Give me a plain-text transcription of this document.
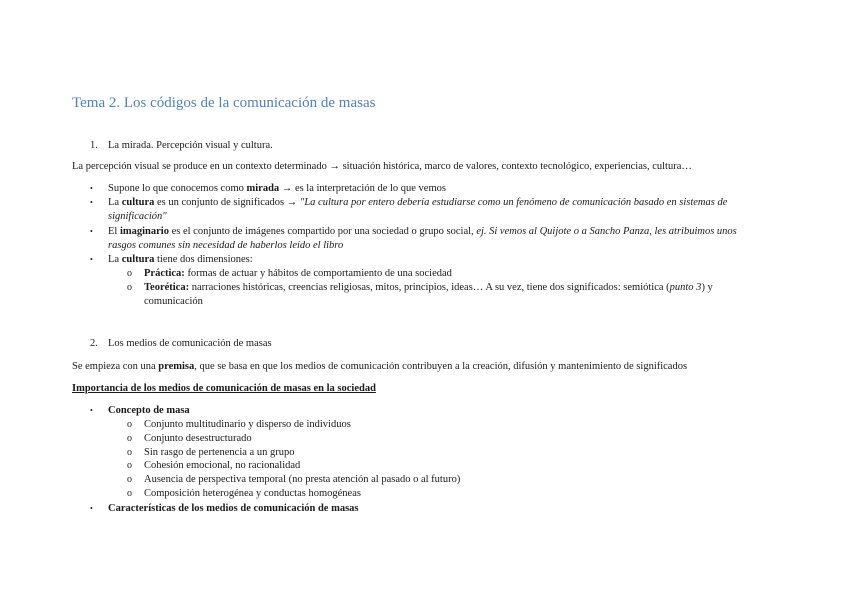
Tema 2. Los códigos de la comunicación de masas
1. La mirada. Percepción visual y cultura.
La percepción visual se produce en un contexto determinado → situación histórica, marco de valores, contexto tecnológico, experiencias, cultura…
• Supone lo que conocemos como mirada → es la interpretación de lo que vemos
• La cultura es un conjunto de significados → "La cultura por entero debería estudiarse como un fenómeno de comunicación basado en sistemas de
significación"
• El imaginario es el conjunto de imágenes compartido por una sociedad o grupo social, ej. Si vemos al Quijote o a Sancho Panza, les atribuimos unos
rasgos comunes sin necesidad de haberlos leído el libro
• La cultura tiene dos dimensiones:
o Práctica: formas de actuar y hábitos de comportamiento de una sociedad
o Teorética: narraciones históricas, creencias religiosas, mitos, principios, ideas… A su vez, tiene dos significados: semiótica (punto 3) y
comunicación
2. Los medios de comunicación de masas
Se empieza con una premisa, que se basa en que los medios de comunicación contribuyen a la creación, difusión y mantenimiento de significados
Importancia de los medios de comunicación de masas en la sociedad
• Concepto de masa
o Conjunto multitudinario y disperso de individuos
o Conjunto desestructurado
o Sin rasgo de pertenencia a un grupo
o Cohesión emocional, no racionalidad
o Ausencia de perspectiva temporal (no presta atención al pasado o al futuro)
o Composición heterogénea y conductas homogéneas
• Características de los medios de comunicación de masas
